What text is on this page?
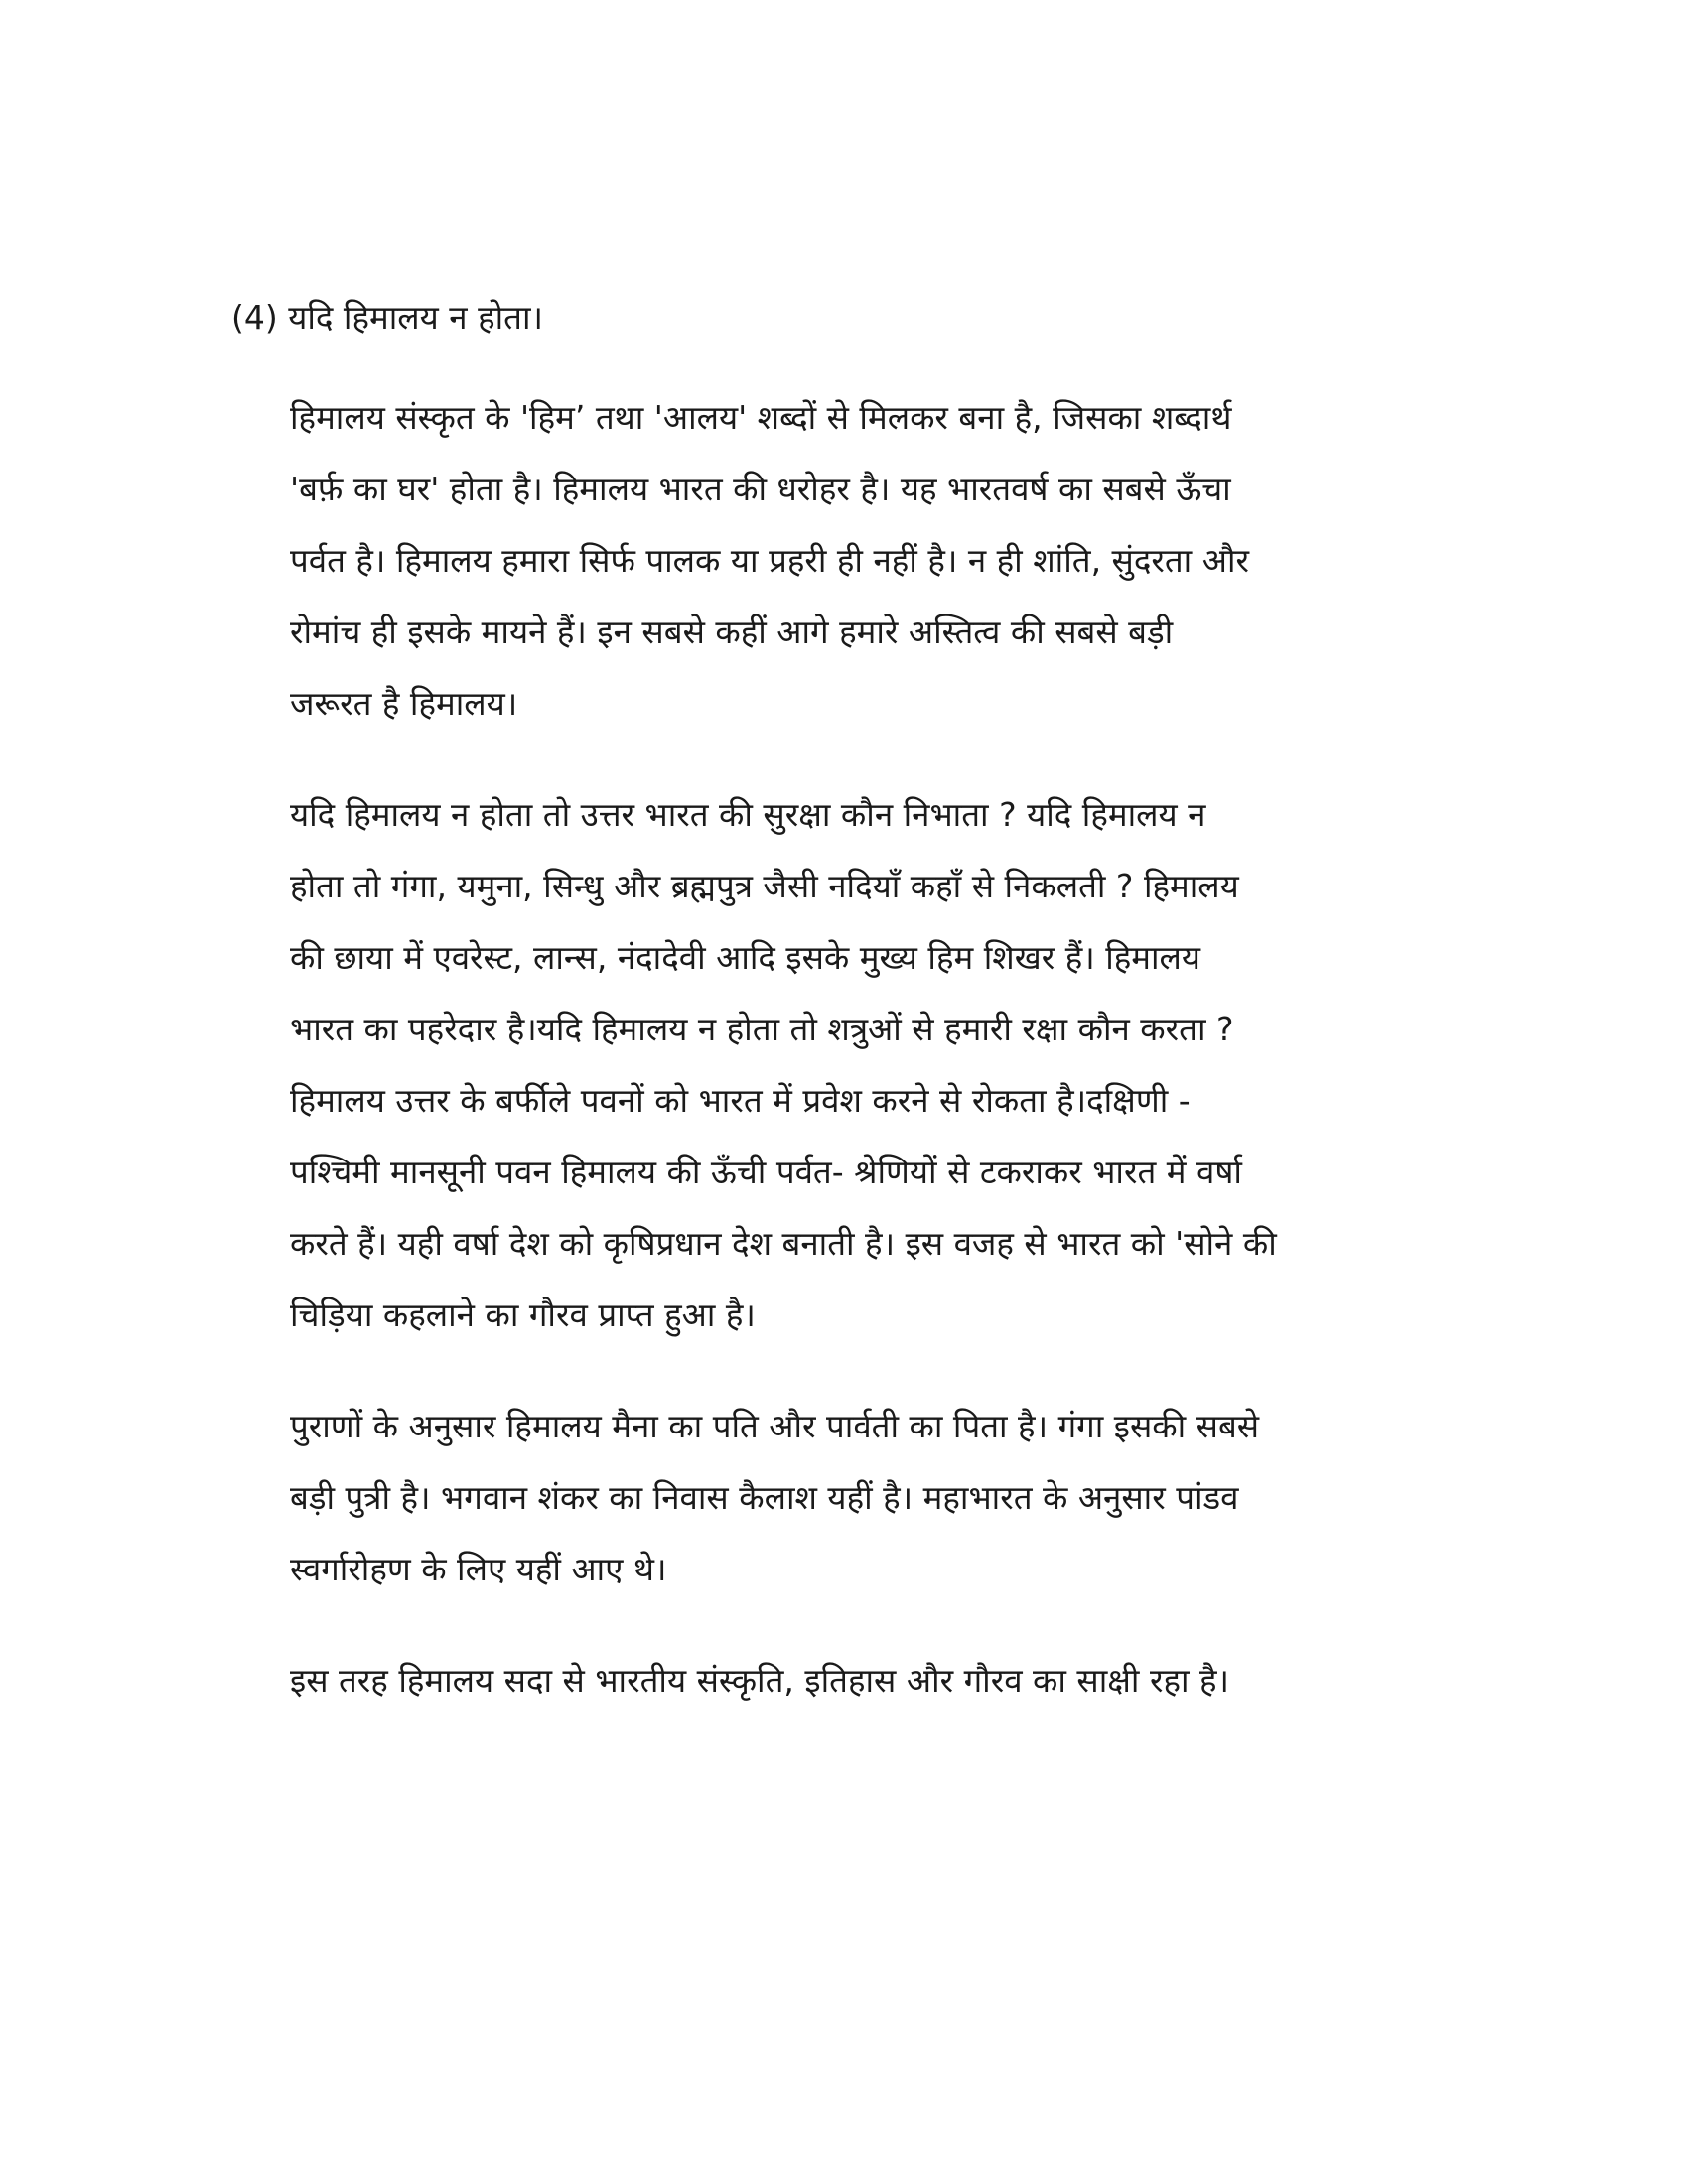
(4) यदि हिमालय न होता।
हिमालय संस्कृत के 'हिम’ तथा 'आलय' शब्दों से मिलकर बना है, जिसका शब्दार्थ
'बर्फ़ का घर' होता है। हिमालय भारत की धरोहर है। यह भारतवर्ष का सबसे ऊँचा
पर्वत है। हिमालय हमारा सिर्फ पालक या प्रहरी ही नहीं है। न ही शांति, सुंदरता और
रोमांच ही इसके मायने हैं। इन सबसे कहीं आगे हमारे अस्तित्व की सबसे बड़ी
जरूरत है हिमालय।
यदि हिमालय न होता तो उत्तर भारत की सुरक्षा कौन निभाता ? यदि हिमालय न
होता तो गंगा, यमुना, सिन्धु और ब्रह्मपुत्र जैसी नदियाँ कहाँ से निकलती ? हिमालय
की छाया में एवरेस्ट, लान्स, नंदादेवी आदि इसके मुख्य हिम शिखर हैं। हिमालय
भारत का पहरेदार है।यदि हिमालय न होता तो शत्रुओं से हमारी रक्षा कौन करता ?
हिमालय उत्तर के बर्फीले पवनों को भारत में प्रवेश करने से रोकता है।दक्षिणी -
पश्चिमी मानसूनी पवन हिमालय की ऊँची पर्वत- श्रेणियों से टकराकर भारत में वर्षा
करते हैं। यही वर्षा देश को कृषिप्रधान देश बनाती है। इस वजह से भारत को 'सोने की
चिड़िया कहलाने का गौरव प्राप्त हुआ है।
पुराणों के अनुसार हिमालय मैना का पति और पार्वती का पिता है। गंगा इसकी सबसे
बड़ी पुत्री है। भगवान शंकर का निवास कैलाश यहीं है। महाभारत के अनुसार पांडव
स्वर्गारोहण के लिए यहीं आए थे।
इस तरह हिमालय सदा से भारतीय संस्कृति, इतिहास और गौरव का साक्षी रहा है।
